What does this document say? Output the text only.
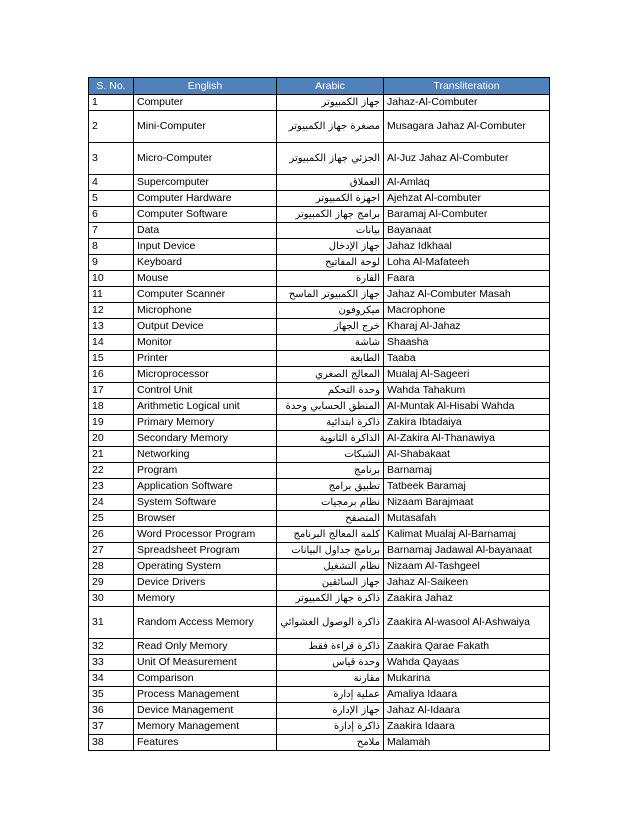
S. No.	English	Arabic	Transliteration
1	Computer	جهاز الكمبيوتر	Jahaz-Al-Combuter
2	Mini-Computer	مصغرة جهاز الكمبيوتر	Musagara Jahaz Al-Combuter
3	Micro-Computer	الجزئي جهاز الكمبيوتر	Al-Juz Jahaz Al-Combuter
4	Supercomputer	العملاق	Al-Amlaq
5	Computer Hardware	اجهزة الكمبيوتر	Ajehzat Al-combuter
6	Computer Software	برامج جهاز الكمبيوتر	Baramaj Al-Combuter
7	Data	بيانات	Bayanaat
8	Input Device	جهاز الإدخال	Jahaz Idkhaal
9	Keyboard	لوحة المفاتيح	Loha Al-Mafateeh
10	Mouse	الفارة	Faara
11	Computer Scanner	جهاز الكمبيوتر الماسح	Jahaz Al-Combuter Masah
12	Microphone	ميكروفون	Macrophone
13	Output Device	خرج الجهاز	Kharaj Al-Jahaz
14	Monitor	شاشة	Shaasha
15	Printer	الطابعة	Taaba
16	Microprocessor	المعالج الصغري	Mualaj Al-Sageeri
17	Control Unit	وحدة التحكم	Wahda Tahakum
18	Arithmetic Logical unit	المنطق الحسابي وحدة	Al-Muntak Al-Hisabi Wahda
19	Primary Memory	ذاكرة ابتدائية	Zakira Ibtadaiya
20	Secondary Memory	الذاكرة الثانوية	Al-Zakira Al-Thanawiya
21	Networking	الشبكات	Al-Shabakaat
22	Program	برنامج	Barnamaj
23	Application Software	تطبيق برامج	Tatbeek Baramaj
24	System Software	نظام برمجيات	Nizaam Barajmaat
25	Browser	المتصفح	Mutasafah
26	Word Processor Program	كلمة المعالج البرنامج	Kalimat Mualaj Al-Barnamaj
27	Spreadsheet Program	برنامج جداول البيانات	Barnamaj Jadawal Al-bayanaat
28	Operating System	نظام التشغيل	Nizaam Al-Tashgeel
29	Device Drivers	جهاز السائقين	Jahaz Al-Saikeen
30	Memory	ذاكرة جهاز الكمبيوتر	Zaakira Jahaz
31	Random Access Memory	ذاكرة الوصول العشوائي	Zaakira Al-wasool Al-Ashwaiya
32	Read Only Memory	ذاكرة قراءة فقط	Zaakira Qarae Fakath
33	Unit Of Measurement	وحدة قياس	Wahda Qayaas
34	Comparison	مقارنة	Mukarina
35	Process Management	عملية إدارة	Amaliya Idaara
36	Device Management	جهاز الإدارة	Jahaz Al-Idaara
37	Memory Management	ذاكرة إدارة	Zaakira Idaara
38	Features	ملامح	Malamah
